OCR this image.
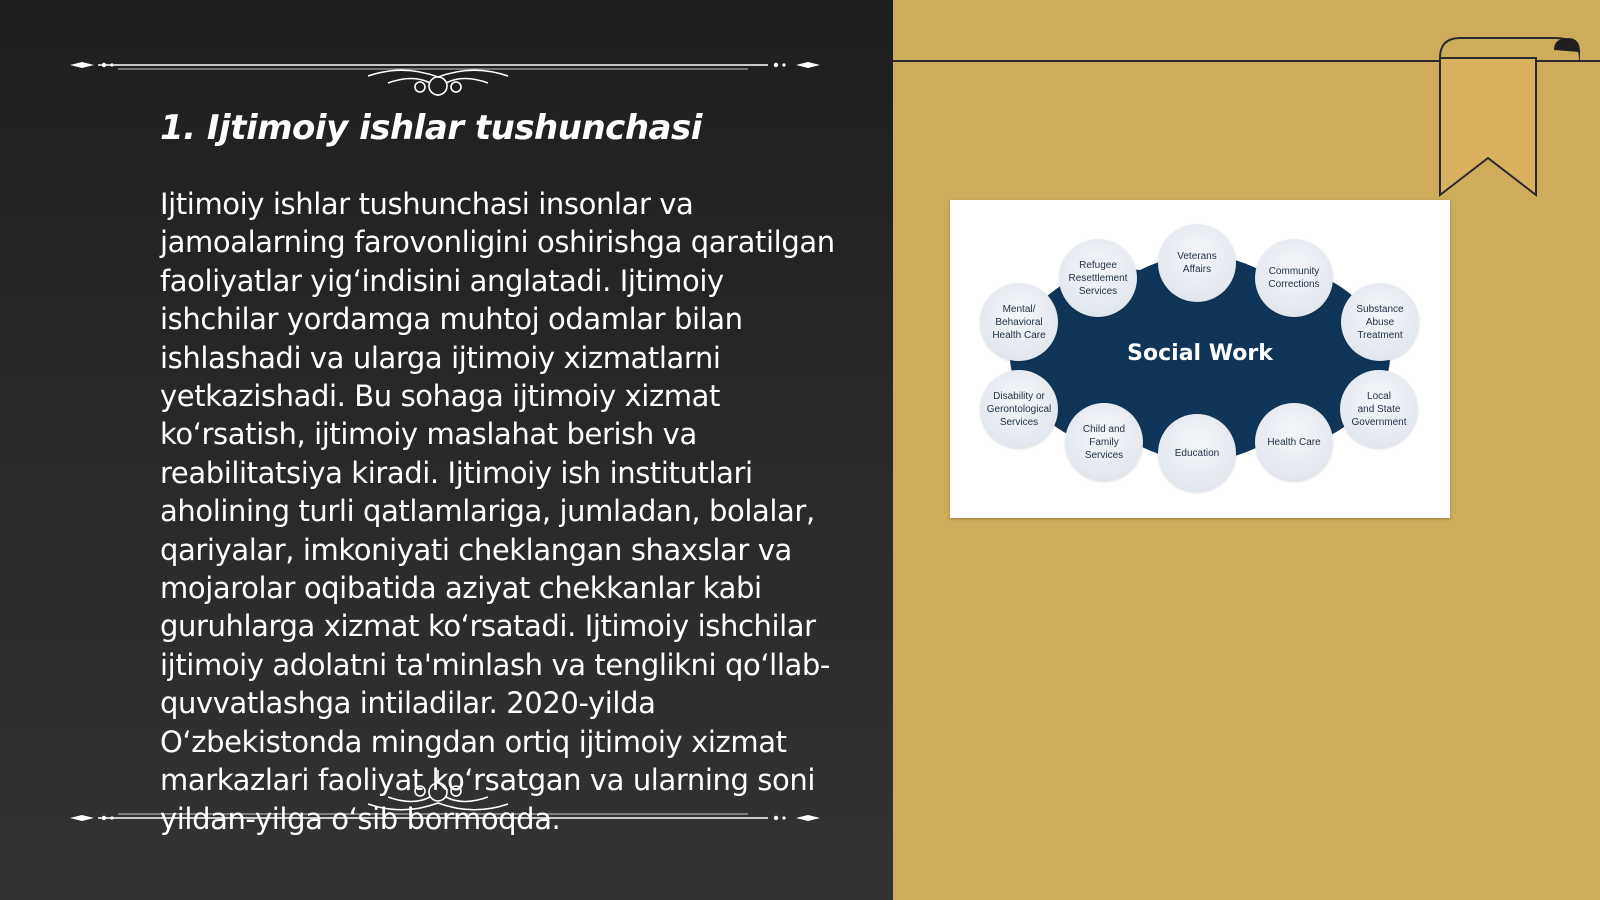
1. Ijtimoiy ishlar tushunchasi

Ijtimoiy ishlar tushunchasi insonlar va jamoalarning farovonligini oshirishga qaratilgan faoliyatlar yig‘indisini anglatadi. Ijtimoiy ishchilar yordamga muhtoj odamlar bilan ishlashadi va ularga ijtimoiy xizmatlarni yetkazishadi. Bu sohaga ijtimoiy xizmat ko‘rsatish, ijtimoiy maslahat berish va reabilitatsiya kiradi. Ijtimoiy ish institutlari aholining turli qatlamlariga, jumladan, bolalar, qariyalar, imkoniyati cheklangan shaxslar va mojarolar oqibatida aziyat chekkanlar kabi guruhlarga xizmat ko‘rsatadi. Ijtimoiy ishchilar ijtimoiy adolatni ta'minlash va tenglikni qo‘llab-quvvatlashga intiladilar. 2020-yilda O‘zbekistonda mingdan ortiq ijtimoiy xizmat markazlari faoliyat ko‘rsatgan va ularning soni yildan-yilga o‘sib bormoqda.

Social Work
Veterans
Affairs	Community
Corrections
Substance
Abuse
Treatment
Local
and State
Government
Health Care
Education
Child and
Family
Services
Disability or
Gerontological
Services
Mental/
Behavioral
Health Care
Refugee
Resettlement
Services
